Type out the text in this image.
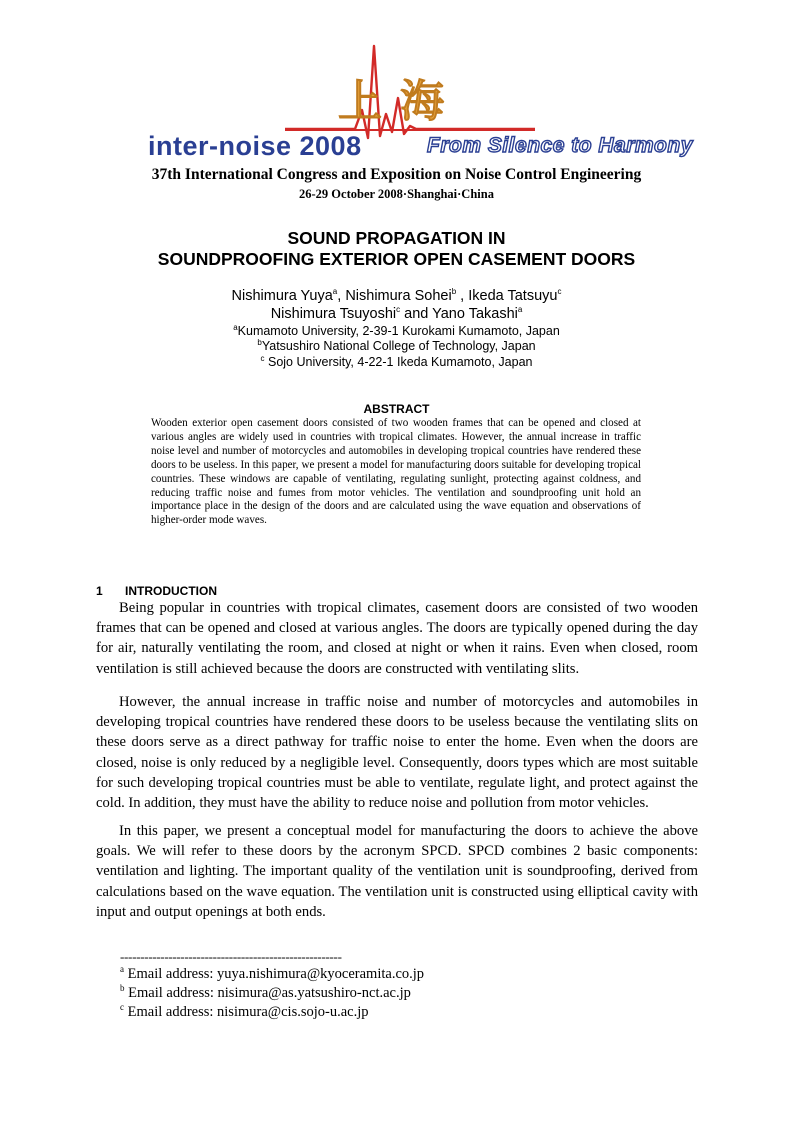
上海
inter-noise 2008	From Silence to Harmony
37th International Congress and Exposition on Noise Control Engineering
26-29 October 2008·Shanghai·China
SOUND PROPAGATION IN
SOUNDPROOFING EXTERIOR OPEN CASEMENT DOORS
Nishimura Yuya$^a$, Nishimura Sohei$^b$ , Ikeda Tatsuyu$^c$
Nishimura Tsuyoshi$^c$ and Yano Takashi$^a$
$^a$Kumamoto University, 2-39-1 Kurokami Kumamoto, Japan
$^b$Yatsushiro National College of Technology, Japan
$^c$ Sojo University, 4-22-1 Ikeda Kumamoto, Japan
ABSTRACT
Wooden exterior open casement doors consisted of two wooden frames that can be opened and closed at various angles are widely used in countries with tropical climates. However, the annual increase in traffic noise level and number of motorcycles and automobiles in developing tropical countries have rendered these doors to be useless. In this paper, we present a model for manufacturing doors suitable for developing tropical countries. These windows are capable of ventilating, regulating sunlight, protecting against coldness, and reducing traffic noise and fumes from motor vehicles. The ventilation and soundproofing unit hold an importance place in the design of the doors and are calculated using the wave equation and observations of higher-order mode waves.
1 INTRODUCTION
Being popular in countries with tropical climates, casement doors are consisted of two wooden frames that can be opened and closed at various angles. The doors are typically opened during the day for air, naturally ventilating the room, and closed at night or when it rains. Even when closed, room ventilation is still achieved because the doors are constructed with ventilating slits.
However, the annual increase in traffic noise and number of motorcycles and automobiles in developing tropical countries have rendered these doors to be useless because the ventilating slits on these doors serve as a direct pathway for traffic noise to enter the home. Even when the doors are closed, noise is only reduced by a negligible level. Consequently, doors types which are most suitable for such developing tropical countries must be able to ventilate, regulate light, and protect against the cold. In addition, they must have the ability to reduce noise and pollution from motor vehicles.
In this paper, we present a conceptual model for manufacturing the doors to achieve the above goals. We will refer to these doors by the acronym SPCD. SPCD combines 2 basic components: ventilation and lighting. The important quality of the ventilation unit is soundproofing, derived from calculations based on the wave equation. The ventilation unit is constructed using elliptical cavity with input and output openings at both ends.
-------------------------------------------------------
$^a$ Email address: yuya.nishimura@kyoceramita.co.jp
$^b$ Email address: nisimura@as.yatsushiro-nct.ac.jp
$^c$ Email address: nisimura@cis.sojo-u.ac.jp
